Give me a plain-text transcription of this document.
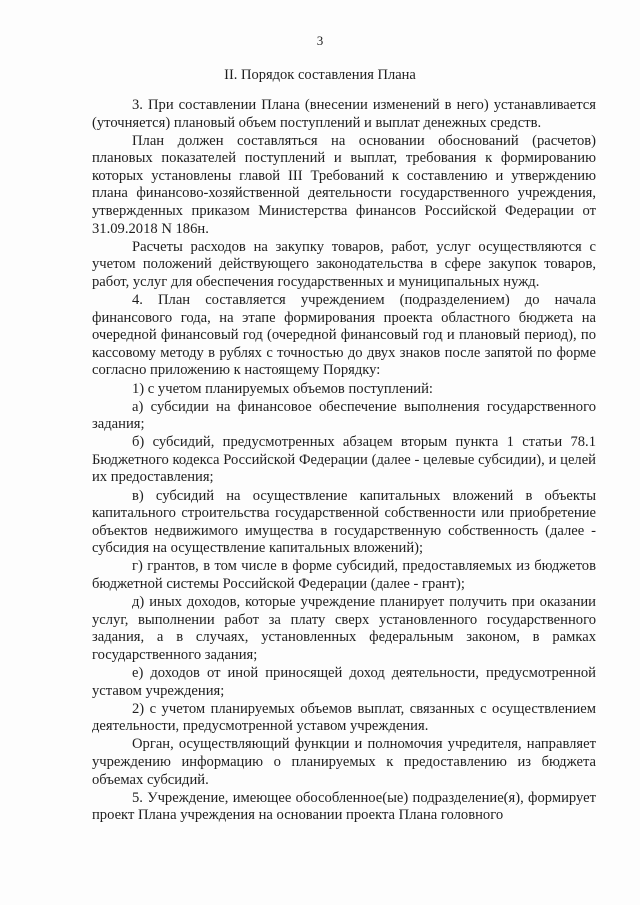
3
II. Порядок составления Плана

3. При составлении Плана (внесении изменений в него) устанавливается (уточняется) плановый объем поступлений и выплат денежных средств.

План должен составляться на основании обоснований (расчетов) плановых показателей поступлений и выплат, требования к формированию которых установлены главой III Требований к составлению и утверждению плана финансово-хозяйственной деятельности государственного учреждения, утвержденных приказом Министерства финансов Российской Федерации от 31.09.2018 N 186н.

Расчеты расходов на закупку товаров, работ, услуг осуществляются с учетом положений действующего законодательства в сфере закупок товаров, работ, услуг для обеспечения государственных и муниципальных нужд.

4. План составляется учреждением (подразделением) до начала финансового года, на этапе формирования проекта областного бюджета на очередной финансовый год (очередной финансовый год и плановый период), по кассовому методу в рублях с точностью до двух знаков после запятой по форме согласно приложению к настоящему Порядку:

1) с учетом планируемых объемов поступлений:

а) субсидии на финансовое обеспечение выполнения государственного задания;

б) субсидий, предусмотренных абзацем вторым пункта 1 статьи 78.1 Бюджетного кодекса Российской Федерации (далее - целевые субсидии), и целей их предоставления;

в) субсидий на осуществление капитальных вложений в объекты капитального строительства государственной собственности или приобретение объектов недвижимого имущества в государственную собственность (далее - субсидия на осуществление капитальных вложений);

г) грантов, в том числе в форме субсидий, предоставляемых из бюджетов бюджетной системы Российской Федерации (далее - грант);

д) иных доходов, которые учреждение планирует получить при оказании услуг, выполнении работ за плату сверх установленного государственного задания, а в случаях, установленных федеральным законом, в рамках государственного задания;

е) доходов от иной приносящей доход деятельности, предусмотренной уставом учреждения;

2) с учетом планируемых объемов выплат, связанных с осуществлением деятельности, предусмотренной уставом учреждения.

Орган, осуществляющий функции и полномочия учредителя, направляет учреждению информацию о планируемых к предоставлению из бюджета объемах субсидий.

5. Учреждение, имеющее обособленное(ые) подразделение(я), формирует проект Плана учреждения на основании проекта Плана головного
